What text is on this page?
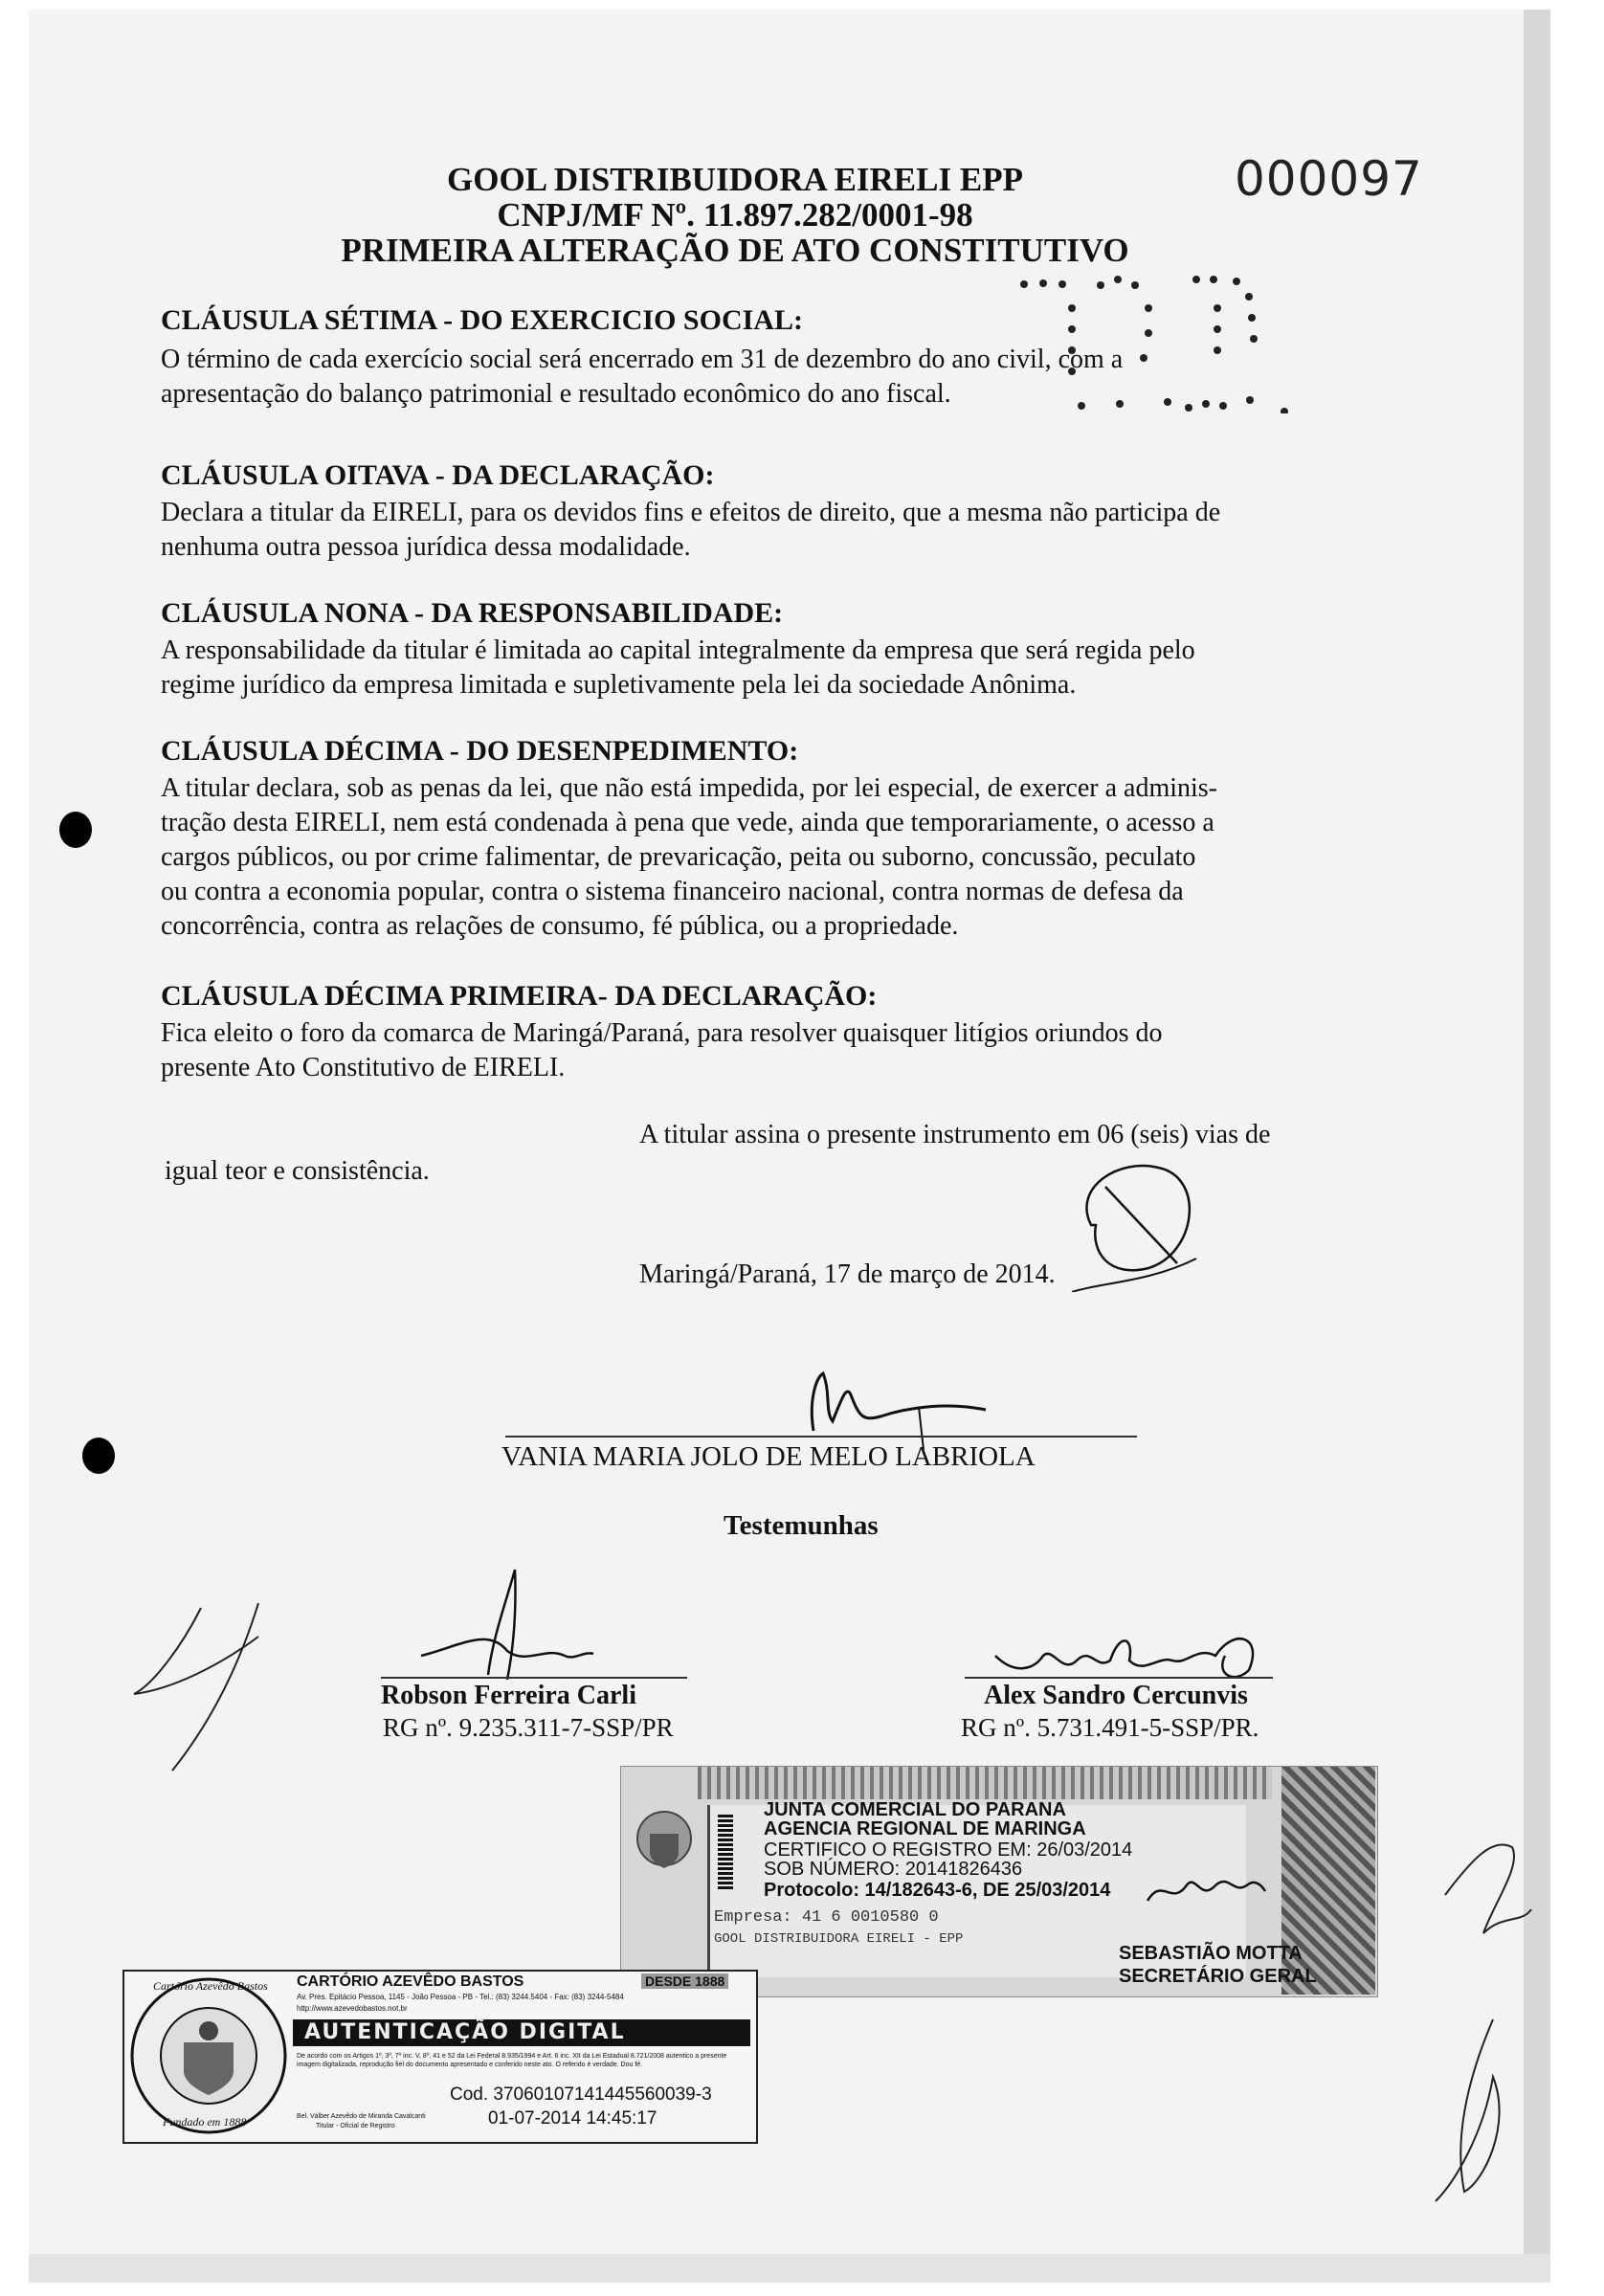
GOOL DISTRIBUIDORA EIRELI EPP
CNPJ/MF Nº. 11.897.282/0001-98
PRIMEIRA ALTERAÇÃO DE ATO CONSTITUTIVO
000097
CLÁUSULA SÉTIMA - DO EXERCICIO SOCIAL:
O término de cada exercício social será encerrado em 31 de dezembro do ano civil, com a
apresentação do balanço patrimonial e resultado econômico do ano fiscal.
CLÁUSULA OITAVA - DA DECLARAÇÃO:
Declara a titular da EIRELI, para os devidos fins e efeitos de direito, que a mesma não participa de
nenhuma outra pessoa jurídica dessa modalidade.
CLÁUSULA NONA - DA RESPONSABILIDADE:
A responsabilidade da titular é limitada ao capital integralmente da empresa que será regida pelo
regime jurídico da empresa limitada e supletivamente pela lei da sociedade Anônima.
CLÁUSULA DÉCIMA - DO DESENPEDIMENTO:
A titular declara, sob as penas da lei, que não está impedida, por lei especial, de exercer a adminis-
tração desta EIRELI, nem está condenada à pena que vede, ainda que temporariamente, o acesso a
cargos públicos, ou por crime falimentar, de prevaricação, peita ou suborno, concussão, peculato
ou contra a economia popular, contra o sistema financeiro nacional, contra normas de defesa da
concorrência, contra as relações de consumo, fé pública, ou a propriedade.
CLÁUSULA DÉCIMA PRIMEIRA- DA DECLARAÇÃO:
Fica eleito o foro da comarca de Maringá/Paraná, para resolver quaisquer litígios oriundos do
presente Ato Constitutivo de EIRELI.
A titular assina o presente instrumento em 06 (seis) vias de
igual teor e consistência.
Maringá/Paraná, 17 de março de 2014.
VANIA MARIA JOLO DE MELO LABRIOLA
Testemunhas
Robson Ferreira Carli
RG nº. 9.235.311-7-SSP/PR
Alex Sandro Cercunvis
RG nº. 5.731.491-5-SSP/PR.
JUNTA COMERCIAL DO PARANA
AGENCIA REGIONAL DE MARINGA
CERTIFICO O REGISTRO EM: 26/03/2014
SOB NÚMERO: 20141826436
Protocolo: 14/182643-6, DE 25/03/2014
Empresa: 41 6 0010580 0
GOOL DISTRIBUIDORA EIRELI - EPP
SEBASTIÃO MOTTA
SECRETÁRIO GERAL
Cartório Azevêdo Bastos
Fundado em 1888
CARTÓRIO AZEVÊDO BASTOS	DESDE 1888
Av. Pres. Epitácio Pessoa, 1145 - João Pessoa - PB - Tel.: (83) 3244.5404 - Fax: (83) 3244-5484
http://www.azevedobastos.not.br
AUTENTICAÇÃO DIGITAL
De acordo com os Artigos 1º, 3º, 7º inc. V, 8º, 41 e 52 da Lei Federal 8.935/1994 e Art. 6 inc. XII da Lei Estadual 8.721/2008 autentico a presente imagem digitalizada, reprodução fiel do documento apresentado e conferido neste ato. O referido é verdade. Dou fé.
Cod. 37060107141445560039-3
01-07-2014 14:45:17
Bel. Válber Azevêdo de Miranda Cavalcanti
Titular - Oficial de Registro
